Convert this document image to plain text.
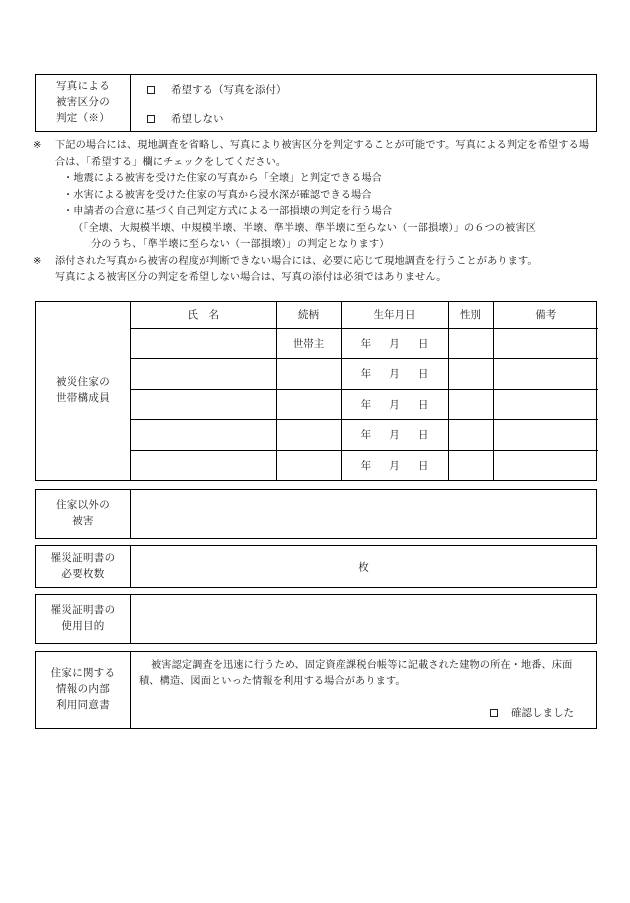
写真による
被害区分の
判定（※）
希望する（写真を添付）
希望しない
※	下記の場合には、現地調査を省略し、写真により被害区分を判定することが可能です。写真による判定を希望する場合は、「希望する」欄にチェックをしてください。
・地震による被害を受けた住家の写真から「全壊」と判定できる場合
・水害による被害を受けた住家の写真から浸水深が確認できる場合
・申請者の合意に基づく自己判定方式による一部損壊の判定を行う場合
（「全壊、大規模半壊、中規模半壊、半壊、準半壊、準半壊に至らない（一部損壊）」の６つの被害区
分のうち、「準半壊に至らない（一部損壊）」の判定となります）
※	添付された写真から被害の程度が判断できない場合には、必要に応じて現地調査を行うことがあります。
写真による被害区分の判定を希望しない場合は、写真の添付は必須ではありません。
被災住家の
世帯構成員
氏　名	続柄	生年月日	性別	備考
	世帯主	年 月 日		

		年 月 日		

		年 月 日		

		年 月 日		

		年 月 日		

住家以外の
被害
罹災証明書の
必要枚数
枚
罹災証明書の
使用目的
住家に関する
情報の内部
利用同意書
被害認定調査を迅速に行うため、固定資産課税台帳等に記載された建物の所在・地番、床面積、構造、図面といった情報を利用する場合があります。
確認しました
